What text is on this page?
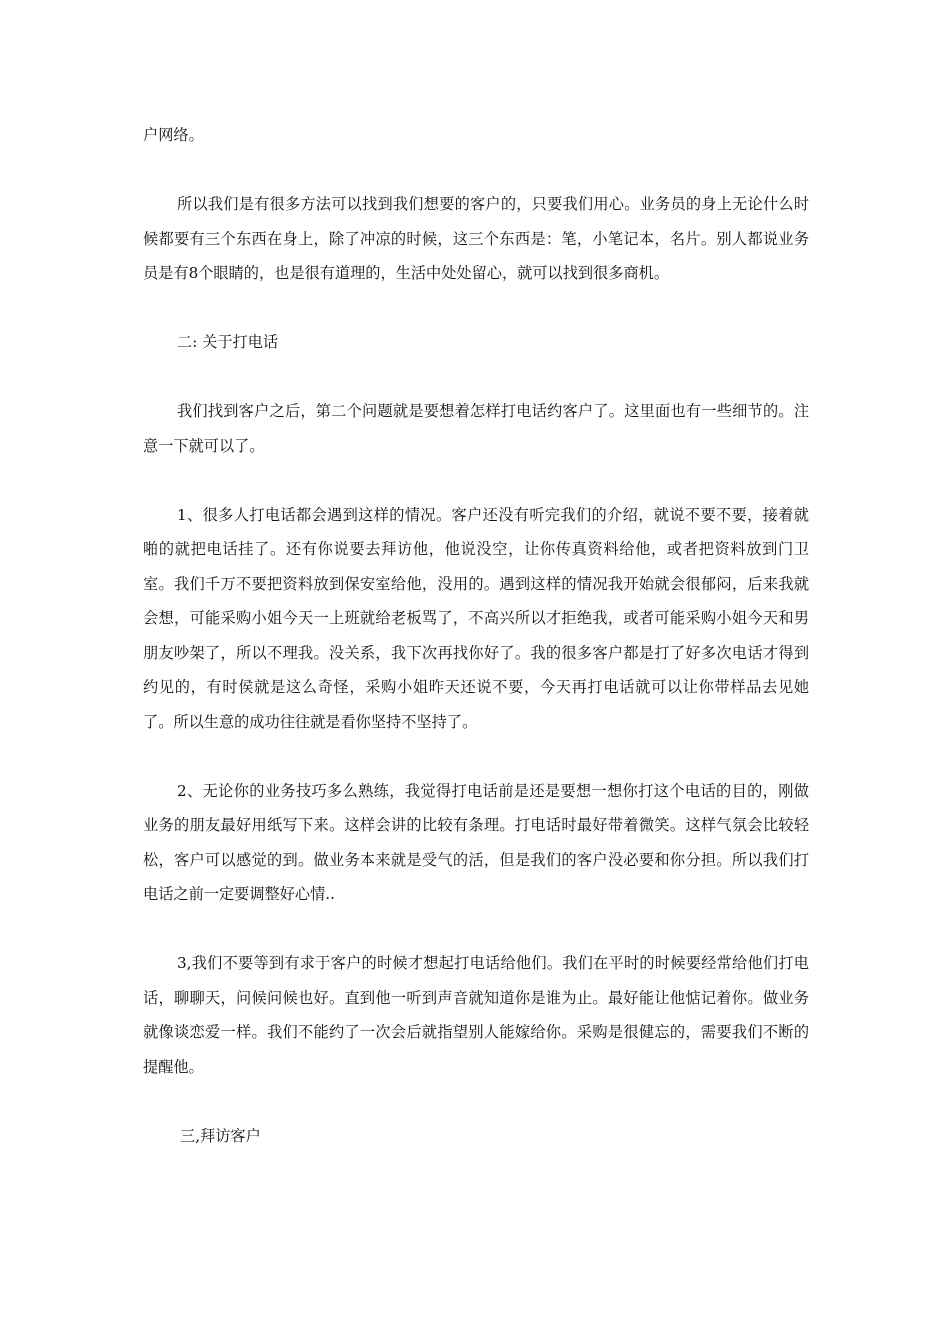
户网络。

所以我们是有很多方法可以找到我们想要的客户的，只要我们用心。业务员的身上无论什么时候都要有三个东西在身上，除了冲凉的时候，这三个东西是：笔，小笔记本，名片。别人都说业务员是有8个眼睛的，也是很有道理的，生活中处处留心，就可以找到很多商机。

二: 关于打电话

我们找到客户之后，第二个问题就是要想着怎样打电话约客户了。这里面也有一些细节的。注意一下就可以了。

1、很多人打电话都会遇到这样的情况。客户还没有听完我们的介绍，就说不要不要，接着就啪的就把电话挂了。还有你说要去拜访他，他说没空，让你传真资料给他，或者把资料放到门卫室。我们千万不要把资料放到保安室给他，没用的。遇到这样的情况我开始就会很郁闷，后来我就会想，可能采购小姐今天一上班就给老板骂了，不高兴所以才拒绝我，或者可能采购小姐今天和男朋友吵架了，所以不理我。没关系，我下次再找你好了。我的很多客户都是打了好多次电话才得到约见的，有时侯就是这么奇怪，采购小姐昨天还说不要，今天再打电话就可以让你带样品去见她了。所以生意的成功往往就是看你坚持不坚持了。

2、无论你的业务技巧多么熟练，我觉得打电话前是还是要想一想你打这个电话的目的，刚做业务的朋友最好用纸写下来。这样会讲的比较有条理。打电话时最好带着微笑。这样气氛会比较轻松，客户可以感觉的到。做业务本来就是受气的活，但是我们的客户没必要和你分担。所以我们打电话之前一定要调整好心情..

3,我们不要等到有求于客户的时候才想起打电话给他们。我们在平时的时候要经常给他们打电话，聊聊天，问候问候也好。直到他一听到声音就知道你是谁为止。最好能让他惦记着你。做业务就像谈恋爱一样。我们不能约了一次会后就指望别人能嫁给你。采购是很健忘的，需要我们不断的提醒他。

三,拜访客户
